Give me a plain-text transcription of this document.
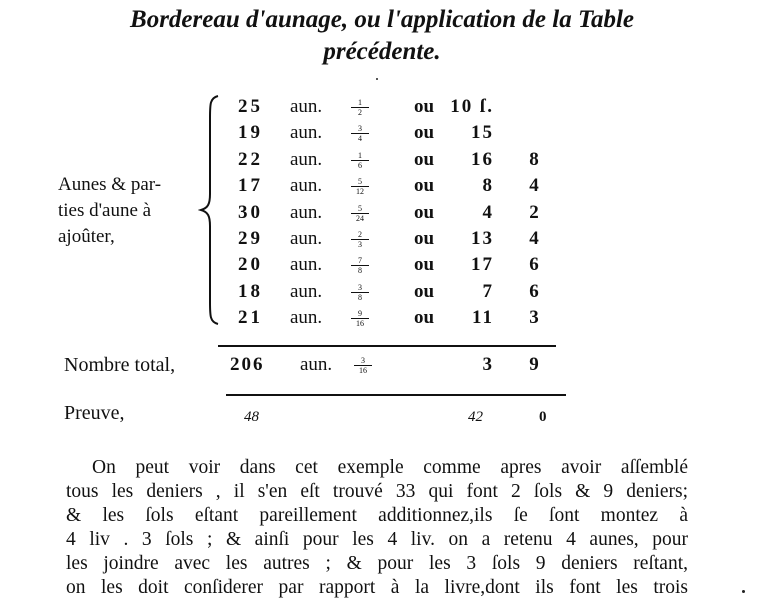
Bordereau d'aunage, ou l'application de la Table
précédente.
Aunes & par-
ties d'aune à
ajoûter,
25 aun.	$\frac{1}{2}$ ou 10 ſ.
19 aun.	$\frac{3}{4}$ ou	15
22 aun.	$\frac{1}{6}$ ou	16 8
17 aun.	$\frac{5}{12}$ ou	8 4
30 aun.	$\frac{5}{24}$ ou	4 2
29 aun.	$\frac{2}{3}$ ou	13 4
20 aun.	$\frac{7}{8}$ ou	17 6
18 aun.	$\frac{3}{8}$ ou	7 6
21 aun.	$\frac{9}{16}$ ou	11 3
Nombre total,	206 aun.	$\frac{3}{16}$	3 9
Preuve,	48	42	0
On peut voir dans cet exemple comme apres avoir aſſemblé
tous les deniers , il s'en eſt trouvé 33 qui font 2 ſols & 9 deniers;
& les ſols eſtant pareillement additionnez,ils ſe ſont montez à
4 liv . 3 ſols ; & ainſi pour les 4 liv. on a retenu 4 aunes, pour
les joindre avec les autres ; & pour les 3 ſols 9 deniers reſtant,
on les doit conſiderer par rapport à la livre,dont ils font les trois
